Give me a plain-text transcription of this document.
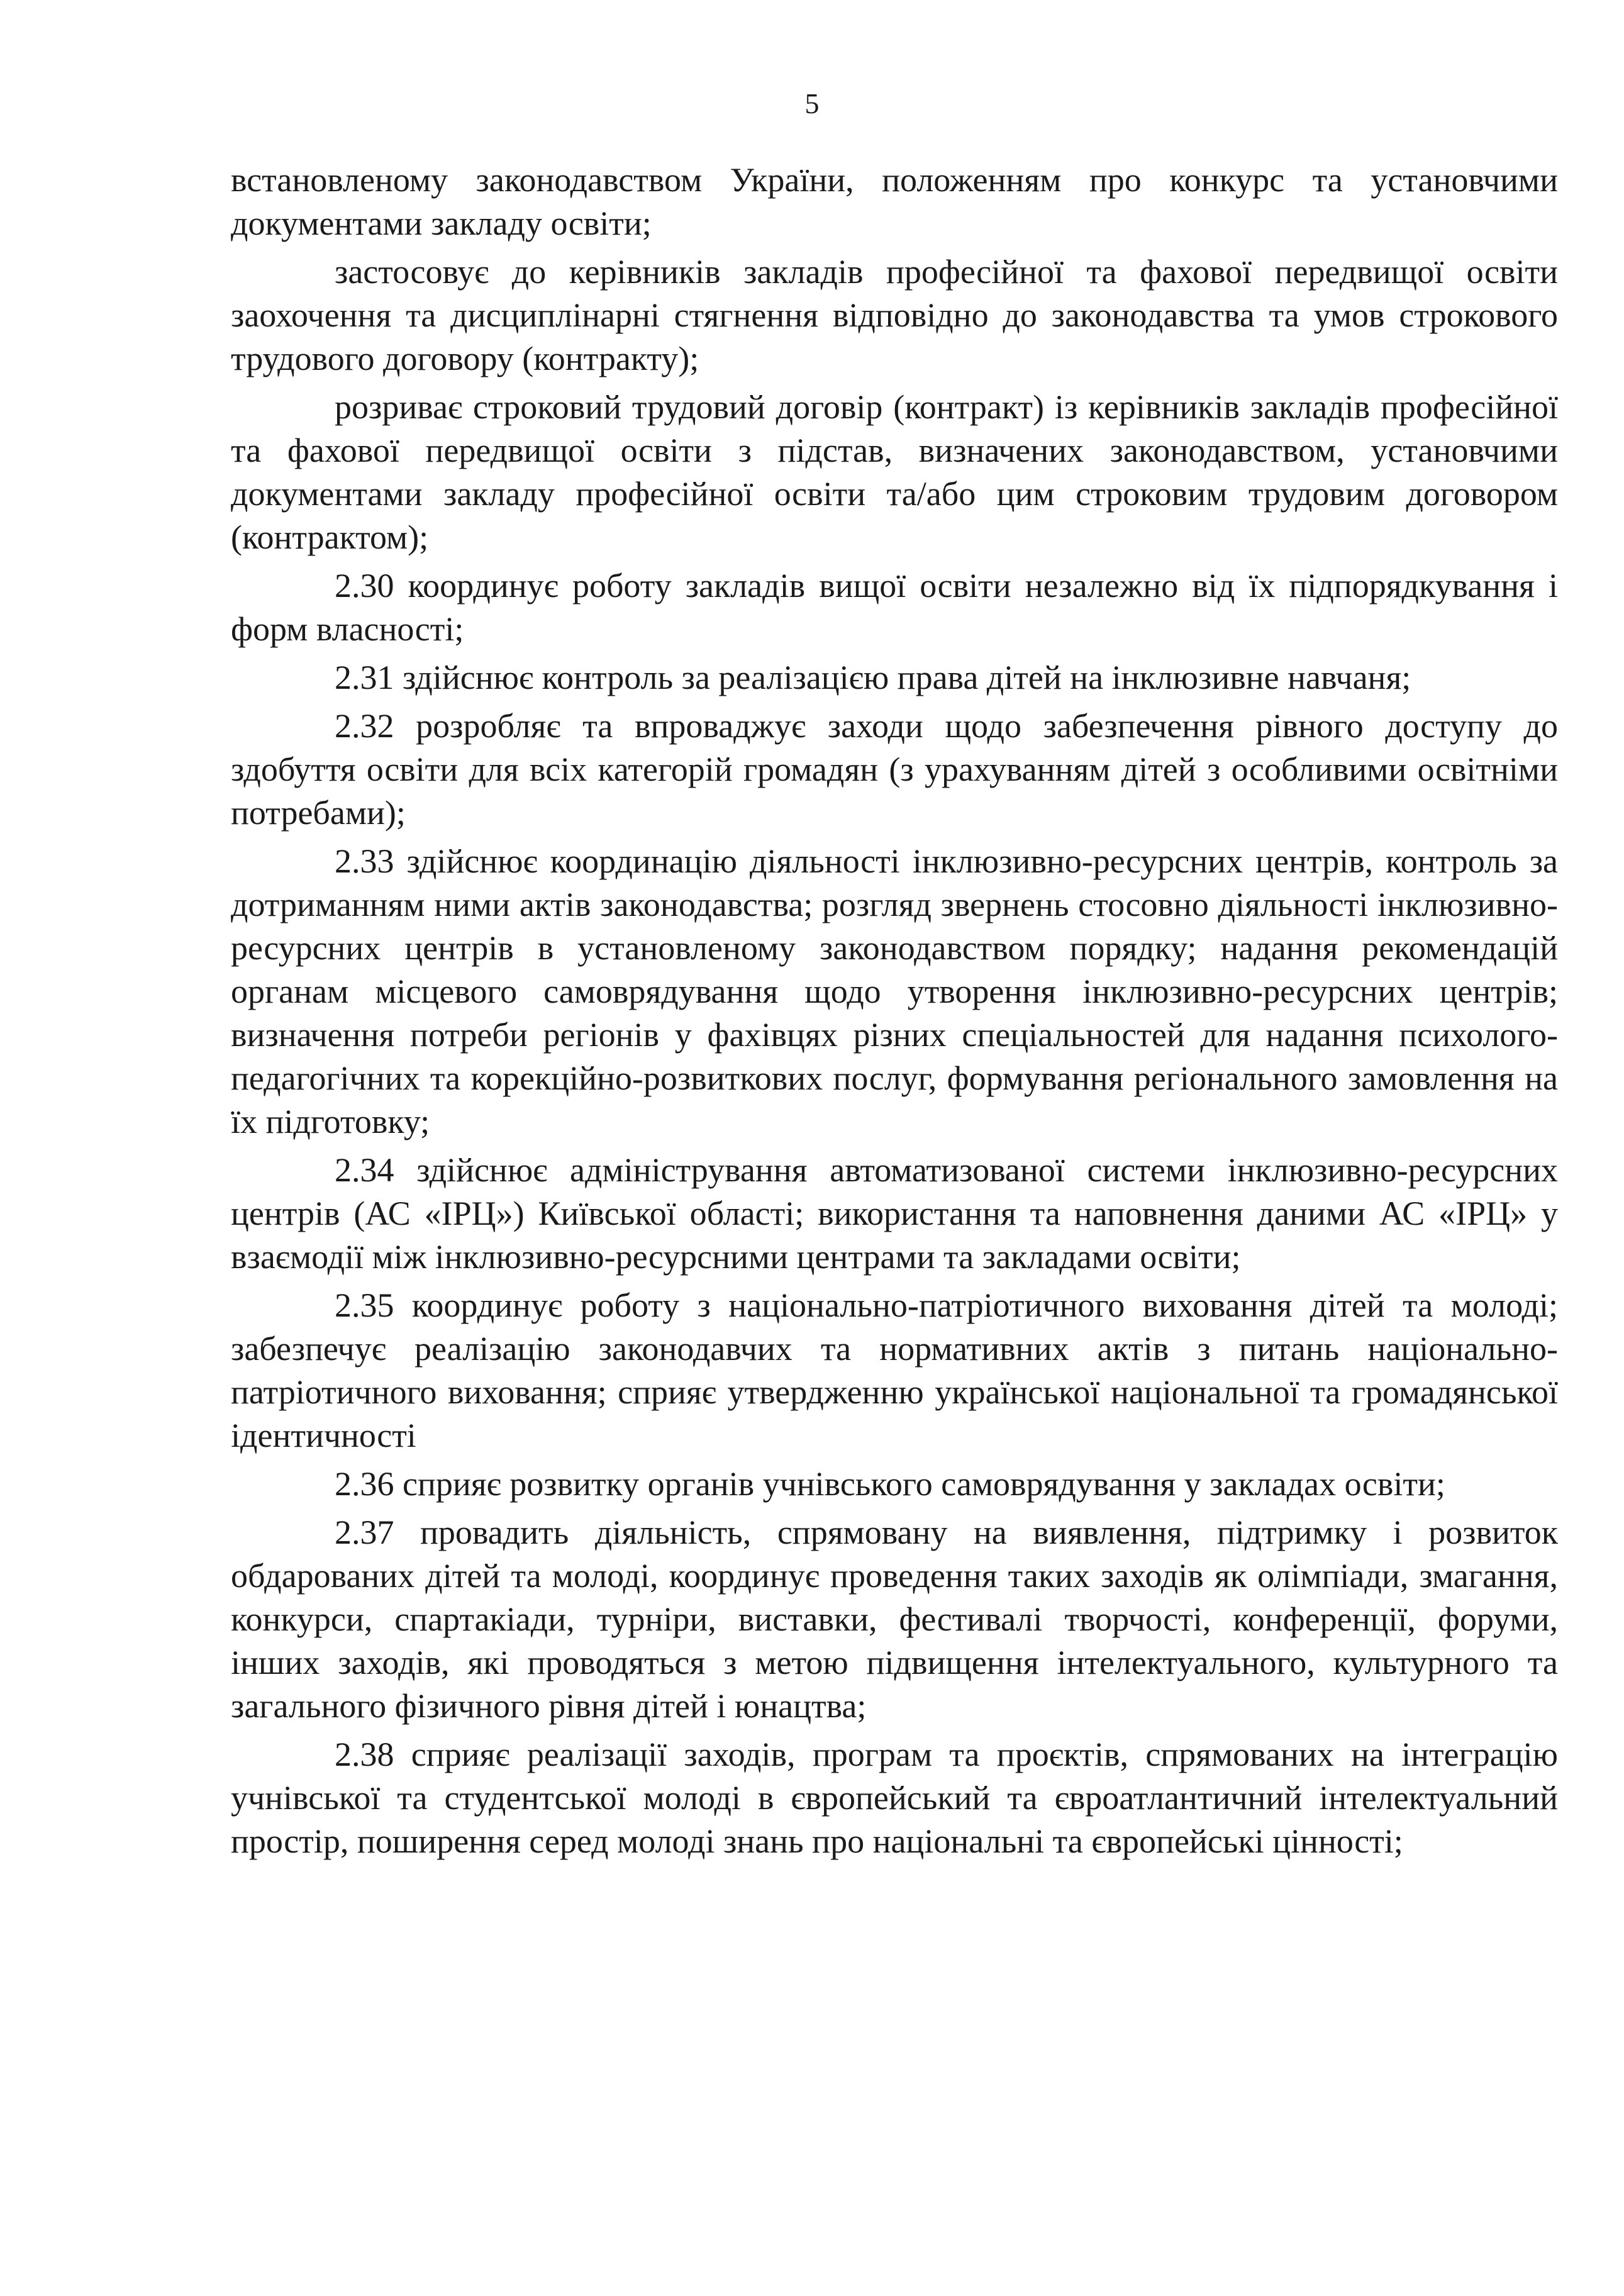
5

встановленому законодавством України, положенням про конкурс та установчими документами закладу освіти;

застосовує до керівників закладів професійної та фахової передвищої освіти заохочення та дисциплінарні стягнення відповідно до законодавства та умов строкового трудового договору (контракту);

розриває строковий трудовий договір (контракт) із керівників закладів професійної та фахової передвищої освіти з підстав, визначених законодавством, установчими документами закладу професійної освіти та/або цим строковим трудовим договором (контрактом);

2.30 координує роботу закладів вищої освіти незалежно від їх підпорядкування і форм власності;

2.31 здійснює контроль за реалізацією права дітей на інклюзивне навчаня;

2.32 розробляє та впроваджує заходи щодо забезпечення рівного доступу до здобуття освіти для всіх категорій громадян (з урахуванням дітей з особливими освітніми потребами);

2.33 здійснює координацію діяльності інклюзивно-ресурсних центрів, контроль за дотриманням ними актів законодавства; розгляд звернень стосовно діяльності інклюзивно-ресурсних центрів в установленому законодавством порядку; надання рекомендацій органам місцевого самоврядування щодо утворення інклюзивно-ресурсних центрів; визначення потреби регіонів у фахівцях різних спеціальностей для надання психолого-педагогічних та корекційно-розвиткових послуг, формування регіонального замовлення на їх підготовку;

2.34 здійснює адміністрування автоматизованої системи інклюзивно-ресурсних центрів (АС «ІРЦ») Київської області; використання та наповнення даними АС «ІРЦ» у взаємодії між інклюзивно-ресурсними центрами та закладами освіти;

2.35 координує роботу з національно-патріотичного виховання дітей та молоді; забезпечує реалізацію законодавчих та нормативних актів з питань національно-патріотичного виховання; сприяє утвердженню української національної та громадянської ідентичності

2.36 сприяє розвитку органів учнівського самоврядування у закладах освіти;

2.37 провадить діяльність, спрямовану на виявлення, підтримку і розвиток обдарованих дітей та молоді, координує проведення таких заходів як олімпіади, змагання, конкурси, спартакіади, турніри, виставки, фестивалі творчості, конференції, форуми, інших заходів, які проводяться з метою підвищення інтелектуального, культурного та загального фізичного рівня дітей і юнацтва;

2.38 сприяє реалізації заходів, програм та проєктів, спрямованих на інтеграцію учнівської та студентської молоді в європейський та євроатлантичний інтелектуальний простір, поширення серед молоді знань про національні та європейські цінності;
